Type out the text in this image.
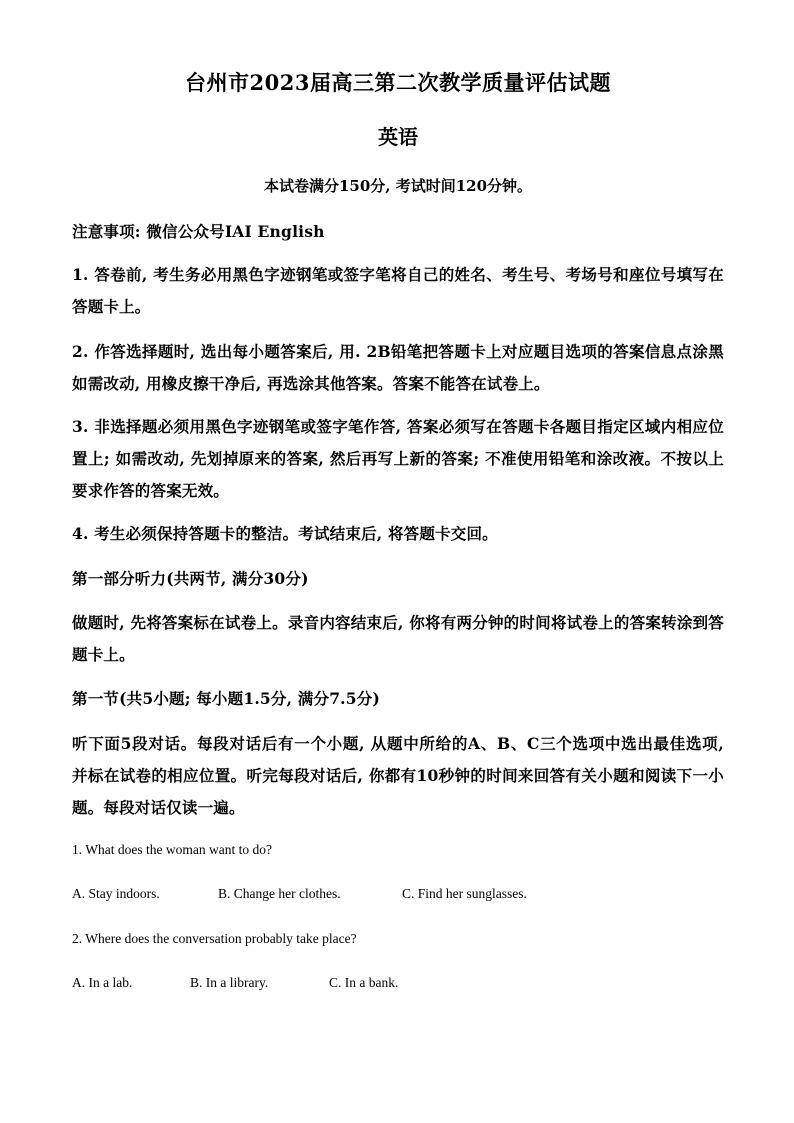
台州市2023届高三第二次教学质量评估试题
英语
本试卷满分150分, 考试时间120分钟。
注意事项: 微信公众号IAI English
1. 答卷前, 考生务必用黑色字迹钢笔或签字笔将自己的姓名、考生号、考场号和座位号填写在答题卡上。
2. 作答选择题时, 选出每小题答案后, 用. 2B铅笔把答题卡上对应题目选项的答案信息点涂黑如需改动, 用橡皮擦干净后, 再选涂其他答案。答案不能答在试卷上。
3. 非选择题必须用黑色字迹钢笔或签字笔作答, 答案必须写在答题卡各题目指定区域内相应位置上; 如需改动, 先划掉原来的答案, 然后再写上新的答案; 不准使用铅笔和涂改液。不按以上要求作答的答案无效。
4. 考生必须保持答题卡的整洁。考试结束后, 将答题卡交回。
第一部分听力(共两节, 满分30分)
做题时, 先将答案标在试卷上。录音内容结束后, 你将有两分钟的时间将试卷上的答案转涂到答题卡上。
第一节(共5小题; 每小题1.5分, 满分7.5分)
听下面5段对话。每段对话后有一个小题, 从题中所给的A、B、C三个选项中选出最佳选项, 并标在试卷的相应位置。听完每段对话后, 你都有10秒钟的时间来回答有关小题和阅读下一小题。每段对话仅读一遍。
1. What does the woman want to do?
A. Stay indoors.	B. Change her clothes.	C. Find her sunglasses.
2. Where does the conversation probably take place?
A. In a lab.	B. In a library.	C. In a bank.
